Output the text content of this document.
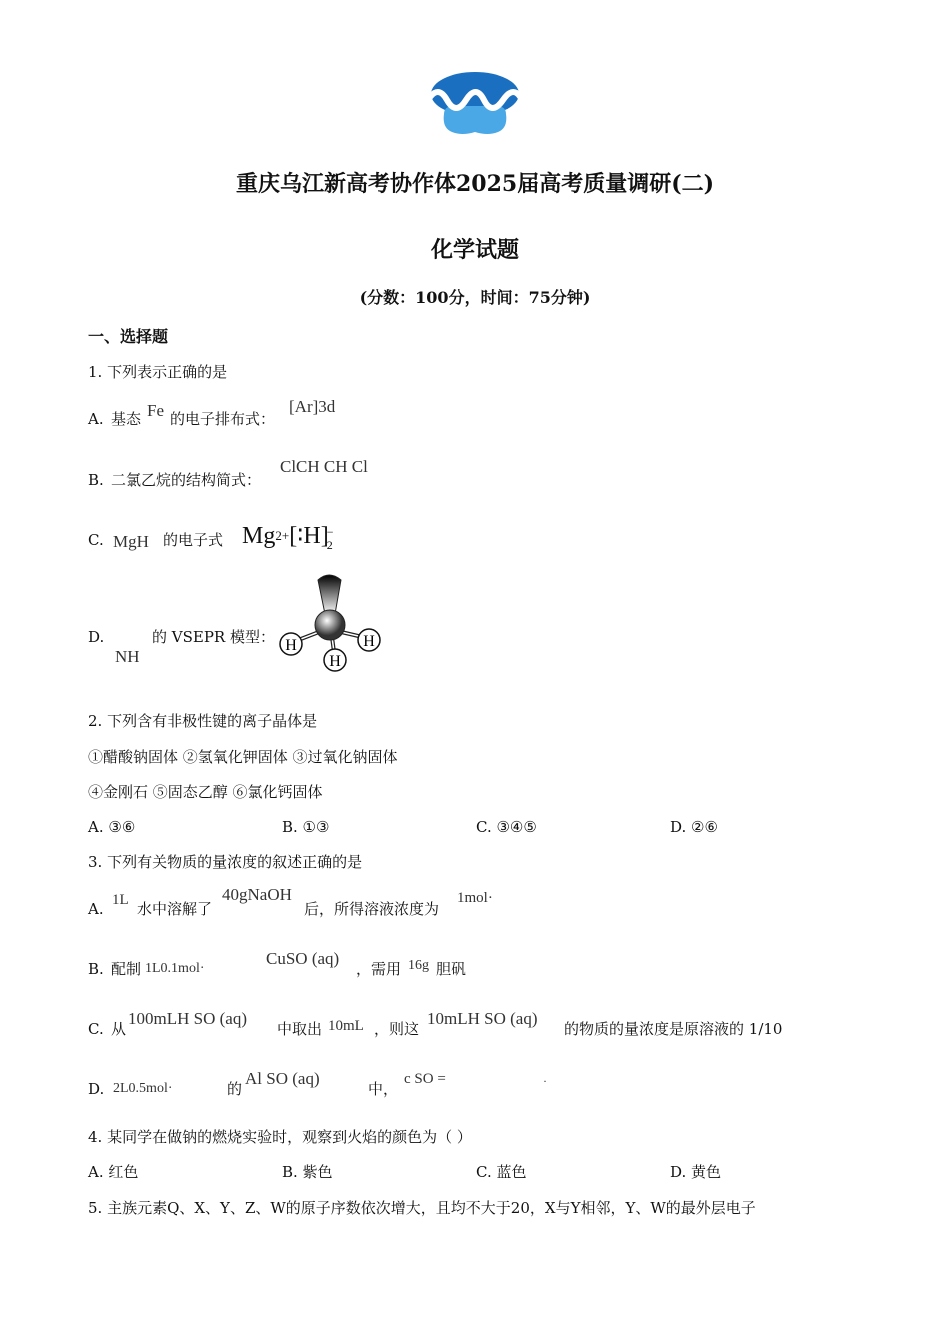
重庆乌江新高考协作体2025届高考质量调研(二)
化学试题
(分数：100分，时间：75分钟)
一、选择题
1. 下列表示正确的是
A. 基态 Fe 的电子排布式：
[Ar]3d
B. 二氯乙烷的结构简式：
ClCH CH Cl
C. MgH 的电子式 $Mg^{2+}[∶H]$
−
2
D.
NH
的 VSEPR 模型： H	H
H
2. 下列含有非极性键的离子晶体是
①醋酸钠固体 ②氢氧化钾固体 ③过氧化钠固体
④金刚石 ⑤固态乙醇 ⑥氯化钙固体
A. ③⑥	B. ①③	C. ③④⑤	D. ②⑥
3. 下列有关物质的量浓度的叙述正确的是
A. 1L 水中溶解了
40gNaOH
后，所得溶液浓度为
1mol·
B. 配制 1L0.1mol·
CuSO (aq)
，需用 16g 胆矾
C. 从
100mLH SO (aq)
中取出 10mL ，则这
10mLH SO (aq)
的物质的量浓度是原溶液的 1/10
D. 2L0.5mol·	的
Al SO (aq)
中，
c SO =	·
4. 某同学在做钠的燃烧实验时，观察到火焰的颜色为（ ）
A. 红色	B. 紫色	C. 蓝色	D. 黄色
5. 主族元素Q、X、Y、Z、W的原子序数依次增大，且均不大于20，X与Y相邻，Y、W的最外层电子
